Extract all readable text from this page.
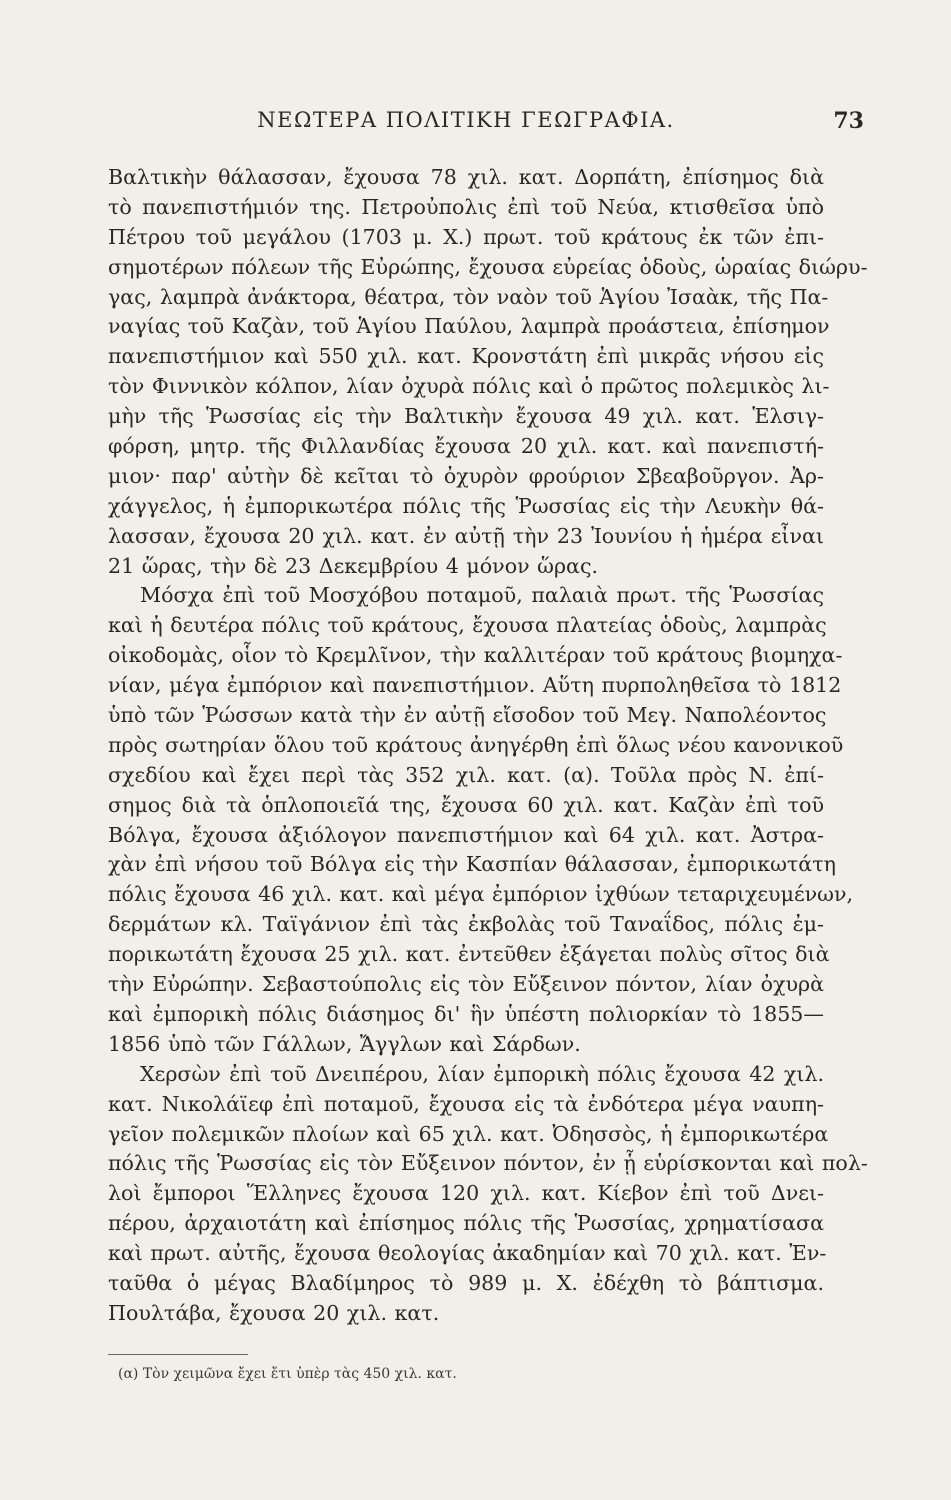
ΝΕΩΤΕΡΑ ΠΟΛΙΤΙΚΗ ΓΕΩΓΡΑΦΙΑ.	73
Βαλτικὴν θάλασσαν, ἔχουσα 78 χιλ. κατ. Δορπάτη, ἐπίσημος διὰ
τὸ πανεπιστήμιόν της. Πετροὐπολις ἐπὶ τοῦ Νεύα, κτισθεῖσα ὑπὸ
Πέτρου τοῦ μεγάλου (1703 μ. Χ.) πρωτ. τοῦ κράτους ἐκ τῶν ἐπι-
σημοτέρων πόλεων τῆς Εὐρώπης, ἔχουσα εὐρείας ὁδοὺς, ὡραίας διώρυ-
γας, λαμπρὰ ἀνάκτορα, θέατρα, τὸν ναὸν τοῦ Ἁγίου Ἰσαὰκ, τῆς Πα-
ναγίας τοῦ Καζὰν, τοῦ Ἁγίου Παύλου, λαμπρὰ προάστεια, ἐπίσημον
πανεπιστήμιον καὶ 550 χιλ. κατ. Κρονστάτη ἐπὶ μικρᾶς νήσου εἰς
τὸν Φιννικὸν κόλπον, λίαν ὀχυρὰ πόλις καὶ ὁ πρῶτος πολεμικὸς λι-
μὴν τῆς Ῥωσσίας εἰς τὴν Βαλτικὴν ἔχουσα 49 χιλ. κατ. Ἑλσιγ-
φόρση, μητρ. τῆς Φιλλανδίας ἔχουσα 20 χιλ. κατ. καὶ πανεπιστή-
μιον· παρ' αὐτὴν δὲ κεῖται τὸ ὀχυρὸν φρούριον Σβεαβοῦργον. Ἀρ-
χάγγελος, ἡ ἐμπορικωτέρα πόλις τῆς Ῥωσσίας εἰς τὴν Λευκὴν θά-
λασσαν, ἔχουσα 20 χιλ. κατ. ἐν αὐτῇ τὴν 23 Ἰουνίου ἡ ἡμέρα εἶναι
21 ὥρας, τὴν δὲ 23 Δεκεμβρίου 4 μόνον ὥρας.
Μόσχα ἐπὶ τοῦ Μοσχόβου ποταμοῦ, παλαιὰ πρωτ. τῆς Ῥωσσίας
καὶ ἡ δευτέρα πόλις τοῦ κράτους, ἔχουσα πλατείας ὁδοὺς, λαμπρὰς
οἰκοδομὰς, οἷον τὸ Κρεμλῖνον, τὴν καλλιτέραν τοῦ κράτους βιομηχα-
νίαν, μέγα ἐμπόριον καὶ πανεπιστήμιον. Αὕτη πυρποληθεῖσα τὸ 1812
ὑπὸ τῶν Ῥώσσων κατὰ τὴν ἐν αὐτῇ εἴσοδον τοῦ Μεγ. Ναπολέοντος
πρὸς σωτηρίαν ὅλου τοῦ κράτους ἀνηγέρθη ἐπὶ ὅλως νέου κανονικοῦ
σχεδίου καὶ ἔχει περὶ τὰς 352 χιλ. κατ. (α). Τοῦλα πρὸς Ν. ἐπί-
σημος διὰ τὰ ὁπλοποιεῖά της, ἔχουσα 60 χιλ. κατ. Καζὰν ἐπὶ τοῦ
Βόλγα, ἔχουσα ἀξιόλογον πανεπιστήμιον καὶ 64 χιλ. κατ. Ἀστρα-
χὰν ἐπὶ νήσου τοῦ Βόλγα εἰς τὴν Κασπίαν θάλασσαν, ἐμπορικωτάτη
πόλις ἔχουσα 46 χιλ. κατ. καὶ μέγα ἐμπόριον ἰχθύων τεταριχευμένων,
δερμάτων κλ. Ταϊγάνιον ἐπὶ τὰς ἐκβολὰς τοῦ Ταναΐδος, πόλις ἐμ-
πορικωτάτη ἔχουσα 25 χιλ. κατ. ἐντεῦθεν ἐξάγεται πολὺς σῖτος διὰ
τὴν Εὐρώπην. Σεβαστούπολις εἰς τὸν Εὔξεινον πόντον, λίαν ὀχυρὰ
καὶ ἐμπορικὴ πόλις διάσημος δι' ἣν ὑπέστη πολιορκίαν τὸ 1855—
1856 ὑπὸ τῶν Γάλλων, Ἄγγλων καὶ Σάρδων.
Χερσὼν ἐπὶ τοῦ Δνειπέρου, λίαν ἐμπορικὴ πόλις ἔχουσα 42 χιλ.
κατ. Νικολάϊεφ ἐπὶ ποταμοῦ, ἔχουσα εἰς τὰ ἐνδότερα μέγα ναυπη-
γεῖον πολεμικῶν πλοίων καὶ 65 χιλ. κατ. Ὀδησσὸς, ἡ ἐμπορικωτέρα
πόλις τῆς Ῥωσσίας εἰς τὸν Εὔξεινον πόντον, ἐν ᾗ εὑρίσκονται καὶ πολ-
λοὶ ἔμποροι Ἕλληνες ἔχουσα 120 χιλ. κατ. Κίεβον ἐπὶ τοῦ Δνει-
πέρου, ἀρχαιοτάτη καὶ ἐπίσημος πόλις τῆς Ῥωσσίας, χρηματίσασα
καὶ πρωτ. αὐτῆς, ἔχουσα θεολογίας ἀκαδημίαν καὶ 70 χιλ. κατ. Ἐν-
ταῦθα ὁ μέγας Βλαδίμηρος τὸ 989 μ. Χ. ἐδέχθη τὸ βάπτισμα.
Πουλτάβα, ἔχουσα 20 χιλ. κατ.
(α) Τὸν χειμῶνα ἔχει ἔτι ὑπὲρ τὰς 450 χιλ. κατ.
